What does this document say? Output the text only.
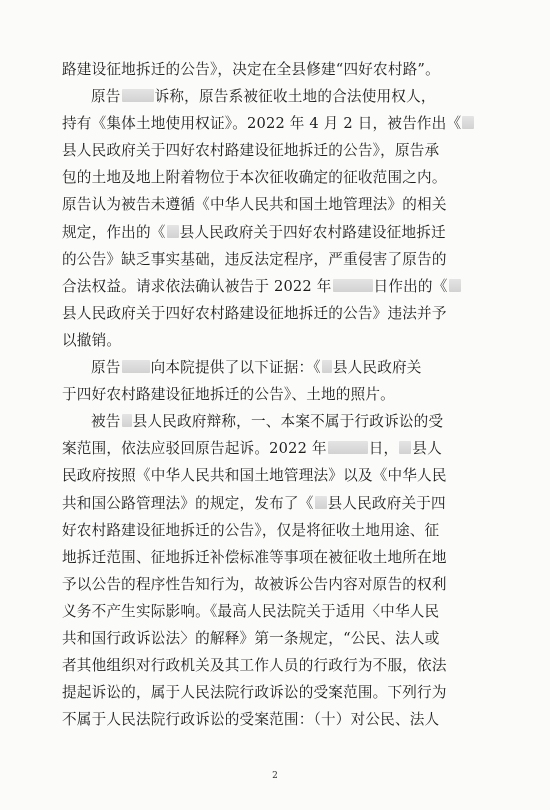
路建设征地拆迁的公告》，决定在全县修建“四好农村路”。
原告 诉称，原告系被征收土地的合法使用权人，
持有《集体土地使用权证》。2022 年 4 月 2 日，被告作出《
县人民政府关于四好农村路建设征地拆迁的公告》，原告承
包的土地及地上附着物位于本次征收确定的征收范围之内。
原告认为被告未遵循《中华人民共和国土地管理法》的相关
规定，作出的《 县人民政府关于四好农村路建设征地拆迁
的公告》缺乏事实基础，违反法定程序，严重侵害了原告的
合法权益。请求依法确认被告于 2022 年	日作出的《
县人民政府关于四好农村路建设征地拆迁的公告》违法并予
以撤销。
原告 向本院提供了以下证据：《 县人民政府关
于四好农村路建设征地拆迁的公告》、土地的照片。
被告 县人民政府辩称，一、本案不属于行政诉讼的受
案范围，依法应驳回原告起诉。2022 年	日， 县人
民政府按照《中华人民共和国土地管理法》以及《中华人民
共和国公路管理法》的规定，发布了《 县人民政府关于四
好农村路建设征地拆迁的公告》，仅是将征收土地用途、征
地拆迁范围、征地拆迁补偿标准等事项在被征收土地所在地
予以公告的程序性告知行为，故被诉公告内容对原告的权利
义务不产生实际影响。《最高人民法院关于适用〈中华人民
共和国行政诉讼法〉的解释》第一条规定，“公民、法人或
者其他组织对行政机关及其工作人员的行政行为不服，依法
提起诉讼的，属于人民法院行政诉讼的受案范围。下列行为
不属于人民法院行政诉讼的受案范围：（十）对公民、法人
2
